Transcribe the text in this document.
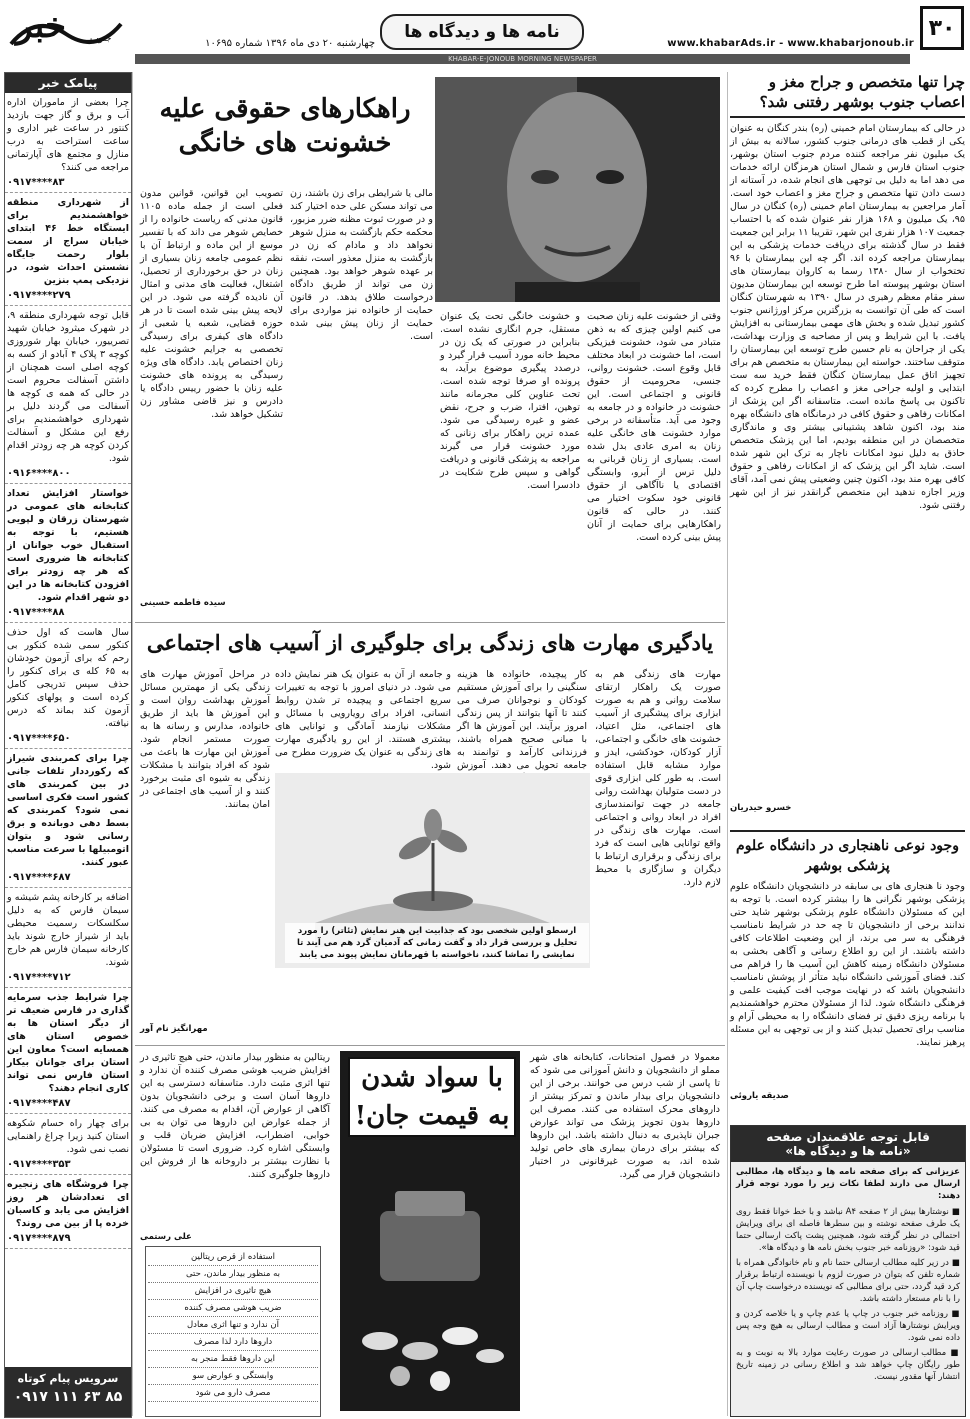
۳۰
www.khabarAds.ir - www.khabarjonoub.ir
نامه ها و دیدگاه ها
چهارشنبه ۲۰ دی ماه ۱۳۹۶ شماره ۱۰۶۹۵
خبر	جنوب
KHABAR-E-JONOUB MORNING NEWSPAPER
پیامک خبر
چرا بعضی از ماموران اداره آب و برق و گاز جهت بازدید کنتور در ساعت غیر اداری و ساعت استراحت به درب منازل و مجتمع های آپارتمانی مراجعه می کنند؟
۰۹۱۷****۸۳
از شهرداری منطقه خواهشمندیم برای ایستگاه خط ۴۶ ابتدای خیابان سراج از سمت بلوار رحمت جایگاه نشستن احداث شود، در نزدیکی پمپ بنزین
۰۹۱۷****۲۷۹
قابل توجه شهرداری منطقه ۹، در شهرک میثرود خیابان شهید تصرییور، خیابان بهار شوروزی کوچه ۳ پلاک ۴ آبادو از کسه به کوچه اصلی است همچنان از داشتن آسفالت محروم است در حالی که همه ی کوچه ها آسفالت می گردند دلیل بر شهرداری خواهشمندیم برای رفع این مشکل و آسفالت کردن کوچه هر چه زودتر اقدام شود.
۰۹۱۶****۸۰۰
خواستار افزایش تعداد کتابخانه های عمومی در شهرستان زرقان و لپویی هستیم، با توجه به استقبال خوب جوانان از کتابخانه ها ضروری است که هر چه زودتر برای افزودن کتابخانه ها در این دو شهر اقدام شود.
۰۹۱۷****۸۸
سال هاست که اول حذف کنکور سمی شده کنکور بی رحم که برای آزمون خودشان به ۶۵ کله ی برای کنکور را حذف سپس تدریجی کامل کرده است و پولهای کنکور آزمون کند بماند که درس نیافته.
۰۹۱۷****۶۵۰
چرا برای کمربندی شیراز که رکورددار تلفات جانی در بین کمربندی های کشور است فکری اساسی نمی شود؟ کمربندی که بسط دهی دوبانده و برق رسانی شود و بتوان اتومبیلها با سرعت مناسب عبور کنند.
۰۹۱۷****۶۸۷
اضافه بر کارخانه پشم شیشه و سیمان فارس که به دلیل سکلسکات رسمیت محیطی باید از شیراز خارج شوند باید کارخانه سیمان فارس هم خارج شوند.
۰۹۱۷****۷۱۲
چرا شرایط جذب سرمایه گذاری در فارس ضعیف تر از دیگر استان ها به خصوص استان های همسایه است؟ معاون این استان برای جوانان بیکار استان فارس نمی تواند کاری انجام دهند؟
۰۹۱۷****۴۸۷
برای چهار راه حسام شکوهه استان کنید زیرا چراغ راهنمایی نصب نمی شود.
۰۹۱۷****۳۵۳
چرا فروشگاه های زنجیره ای تعدادشان هر روز افزایش می یابد و کاسبان خرده پا از بین می روند؟
۰۹۱۷****۸۷۹
سرویس پیام کوتاه
۰۹۱۷ ۱۱۱ ۶۳ ۸۵
چرا تنها متخصص و جراح مغز و اعصاب جنوب بوشهر رفتنی شد؟
در حالی که بیمارستان امام خمینی (ره) بندر کنگان به عنوان یکی از قطب های درمانی جنوب کشور، سالانه به بیش از یک میلیون نفر مراجعه کننده مردم جنوب استان بوشهر، جنوب استان فارس و شمال استان هرمزگان ارائه خدمات می دهد اما به دلیل بی توجهی های انجام شده، در آستانه از دست دادن تنها متخصص و جراح مغز و اعصاب خود است. آمار مراجعین به بیمارستان امام خمینی (ره) کنگان در سال ۹۵، یک میلیون و ۱۶۸ هزار نفر عنوان شده که با احتساب جمعیت ۱۰۷ هزار نفری این شهر، تقریبا ۱۱ برابر این جمعیت فقط در سال گذشته برای دریافت خدمات پزشکی به این بیمارستان مراجعه کرده اند. اگر چه این بیمارستان با ۹۶ تختخواب از سال ۱۳۸۰ رسما به کاروان بیمارستان های استان بوشهر پیوسته اما طرح توسعه این بیمارستان مدیون سفر مقام معظم رهبری در سال ۱۳۹۰ به شهرستان کنگان است که طی آن توانست به بزرگترین مرکز اورژانس جنوب کشور تبدیل شده و بخش های مهمی بیمارستانی به افزایش یافت. با این شرایط و پس از مصاحبه ی وزارت بهداشت، یکی از جراحان به نام حسین طرح توسعه این بیمارستان را متوقف ساختند. خواسته این بیمارستان به متخصص هم برای تجهیز اتاق عمل بیمارستان کنگان فقط خرید سه ست ابتدایی و اولیه جراحی مغز و اعصاب را مطرح کرده که تاکنون بی پاسخ مانده است. متاسفانه اگر این پزشک از امکانات رفاهی و حقوق کافی در درمانگاه های دانشگاه بهره مند بود، اکنون شاهد پشتیبانی بیشتر وی و ماندگاری متخصصان در این منطقه بودیم، اما این پزشک متخصص حاذق به دلیل نبود امکانات ناچار به ترک این شهر شده است. شاید اگر این پزشک که از امکانات رفاهی و حقوق کافی بهره مند بود، اکنون چنین وضعیتی پیش نمی آمد، آقای وزیر اجازه ندهید این متخصص گرانقدر نیز از این شهر رفتنی شود.
خسرو حیدریان
وجود نوعی ناهنجاری در دانشگاه علوم پزشکی بوشهر
وجود نا هنجاری های بی سابقه در دانشجویان دانشگاه علوم پزشکی بوشهر نگرانی ها را بیشتر کرده است. با توجه به این که مسئولان دانشگاه علوم پزشکی بوشهر شاید حتی ندانند برخی از دانشجویان تا چه حد در شرایط نامناسب فرهنگی به سر می برند، از این وضعیت اطلاعات کافی داشته باشند. از این رو اطلاع رسانی و آگاهی بخشی به مسئولان دانشگاه زمینه کاهش این آسیب ها را فراهم می کند. فضای آموزشی دانشگاه نباید متأثر از پوشش نامناسب دانشجویان باشد که در نهایت موجب افت کیفیت علمی و فرهنگی دانشگاه شود. لذا از مسئولان محترم خواهشمندیم با برنامه ریزی دقیق تر فضای دانشگاه را به محیطی آرام و مناسب برای تحصیل تبدیل کنند و از بی توجهی به این مسئله پرهیز نمایند.
صدیقه یاروئی
قابل توجه علاقمندان صفحه
«نامه ها و دیدگاه ها»
عزیزانی که برای صفحه نامه ها و دیدگاه ها، مطالبی ارسال می دارند لطفا نکات زیر را مورد توجه قرار دهند:
■ نوشتارها بیش از ۲ صفحه A۴ نباشد و با خط خوانا فقط روی یک طرف صفحه نوشته و بین سطرها فاصله ای برای ویرایش احتمالی در نظر گرفته شود، همچنین پشت پاکت ارسالی حتما قید شود: «روزنامه خبر جنوب بخش نامه ها و دیدگاه ها».
■ در زیر کلیه مطالب ارسالی حتما نام و نام خانوادگی همراه با شماره تلفن که بتوان در صورت لزوم با نویسنده ارتباط برقرار کرد قید گردد، حتی برای مطالبی که نویسنده درخواست چاپ آن را با نام مستعار داشته باشد.
■ روزنامه خبر جنوب در چاپ یا عدم چاپ و یا خلاصه کردن و ویرایش نوشتارها آزاد است و مطالب ارسالی به هیچ وجه پس داده نمی شود.
■ مطالب ارسالی در صورت رعایت موارد بالا به نوبت و به طور رایگان چاپ خواهد شد و اطلاع رسانی در زمینه تاریخ انتشار آنها مقدور نیست.
راهکارهای حقوقی علیه
خشونت های خانگی
وقتی از خشونت علیه زنان صحبت می کنیم اولین چیزی که به ذهن متبادر می شود، خشونت فیزیکی است، اما خشونت در ابعاد مختلف قابل وقوع است. خشونت روانی، جنسی، محرومیت از حقوق قانونی و اجتماعی است. این خشونت در خانواده و در جامعه به وجود می آید. متأسفانه در برخی موارد خشونت های خانگی علیه زنان به امری عادی بدل شده است. بسیاری از زنان قربانی به دلیل ترس از آبرو، وابستگی اقتصادی یا ناآگاهی از حقوق قانونی خود سکوت اختیار می کنند. در حالی که قانون راهکارهایی برای حمایت از آنان پیش بینی کرده است.
و خشونت خانگی تحت یک عنوان مستقل، جرم انگاری نشده است. بنابراین در صورتی که یک زن در محیط خانه مورد آسیب قرار گیرد و درصدد پیگیری موضوع برآید، به پرونده او صرفا توجه شده است. تحت عناوین کلی مجرمانه مانند توهین، افترا، ضرب و جرح، نقض عضو و غیره رسیدگی می شود. عمده ترین راهکار برای زنانی که مورد خشونت قرار می گیرند مراجعه به پزشکی قانونی و دریافت گواهی و سپس طرح شکایت در دادسرا است.
مالی یا شرایطی برای زن باشند، زن می تواند مسکن علی حده اختیار کند و در صورت ثبوت مظنه ضرر مزبور، محکمه حکم بازگشت به منزل شوهر نخواهد داد و مادام که زن در بازگشت به منزل معذور است، نفقه بر عهده شوهر خواهد بود. همچنین زن می تواند از طریق دادگاه درخواست طلاق بدهد. در قانون حمایت از خانواده نیز مواردی برای حمایت از زنان پیش بینی شده است.
تصویب این قوانین، قوانین مدون فعلی است از جمله ماده ۱۱۰۵ قانون مدنی که ریاست خانواده را از خصایص شوهر می داند که با تفسیر موسع از این ماده و ارتباط آن با نظم عمومی جامعه زنان بسیاری از زنان در حق برخورداری از تحصیل، اشتغال، فعالیت های مدنی و امثال آن نادیده گرفته می شود. در این لایحه پیش بینی شده است تا در هر حوزه قضایی، شعبه یا شعبی از دادگاه های کیفری برای رسیدگی تخصصی به جرایم خشونت علیه زنان اختصاص یابد. دادگاه های ویژه رسیدگی به پرونده های خشونت علیه زنان با حضور رییس دادگاه یا دادرس و نیز قاضی مشاور زن تشکیل خواهد شد.
سیده فاطمه حسینی
یادگیری مهارت های زندگی برای جلوگیری از آسیب های اجتماعی
مهارت های زندگی هم به صورت یک راهکار ارتقای سلامت روانی و هم به صورت ابزاری برای پیشگیری از آسیب های اجتماعی، مثل اعتیاد، خشونت های خانگی و اجتماعی، آزار کودکان، خودکشی، ایدز و موارد مشابه قابل استفاده است. به طور کلی ابزاری قوی در دست متولیان بهداشت روانی جامعه در جهت توانمندسازی افراد در ابعاد روانی و اجتماعی است. مهارت های زندگی در واقع توانایی هایی است که فرد برای زندگی و برقراری ارتباط با دیگران و سازگاری با محیط لازم دارد.
کار پیچیده، خانواده ها هزینه سنگینی را برای آموزش مستقیم کودکان و نوجوانان صرف می کنند تا آنها بتوانند از پس زندگی امروز برآیند. این آموزش ها اگر با مبانی صحیح همراه باشند، فرزندانی کارآمد و توانمند به جامعه تحویل می دهند. آموزش
در مراحل آموزش مهارت های زندگی یکی از مهمترین مسائل آموزش بهداشت روان است و این آموزش ها باید از طریق خانواده، مدارس و رسانه ها به صورت مستمر انجام شود. آموزش این مهارت ها باعث می شود که افراد بتوانند با مشکلات زندگی به شیوه ای مثبت برخورد کنند و از آسیب های اجتماعی در امان بمانند.
و جامعه از آن به عنوان یک هنر نمایش داده می شود. در دنیای امروز با توجه به تغییرات سریع اجتماعی و پیچیده تر شدن روابط انسانی، افراد برای رویارویی با مسائل و مشکلات نیازمند آمادگی و توانایی های بیشتری هستند. از این رو یادگیری مهارت های زندگی به عنوان یک ضرورت مطرح می شود.
ارسطو اولین شخصی بود که جذابیت این هنر نمایش (تئاتر) را مورد تحلیل و بررسی قرار داد و گفت زمانی که آدمیان گرد هم می آیند تا نمایشی را تماشا کنند، ناخواسته با قهرمانان نمایش پیوند می یابند
مهرانگیز نام آور
معمولا در فصول امتحانات، کتابخانه های شهر مملو از دانشجویان و دانش آموزانی می شود که تا پاسی از شب درس می خوانند. برخی از این دانشجویان برای بیدار ماندن و تمرکز بیشتر از داروهای محرک استفاده می کنند. مصرف این داروها بدون تجویز پزشک می تواند عوارض جبران ناپذیری به دنبال داشته باشد. این داروها که بیشتر برای درمان بیماری های خاص تولید شده اند، به صورت غیرقانونی در اختیار دانشجویان قرار می گیرد.
ریتالین به منظور بیدار ماندن، حتی هیچ تاثیری در افزایش ضریب هوشی مصرف کننده آن ندارد و تنها اثری مثبت دارد. متاسفانه دسترسی به این داروها آسان است و برخی دانشجویان بدون آگاهی از عوارض آن، اقدام به مصرف می کنند. از جمله عوارض این داروها می توان به بی خوابی، اضطراب، افزایش ضربان قلب و وابستگی اشاره کرد. ضروری است تا مسئولان با نظارت بیشتر بر داروخانه ها از فروش این داروها جلوگیری کنند.
با سواد شدن
به قیمت جان!
استفاده از قرص ریتالین
به منظور بیدار ماندن، حتی
هیچ تاثیری در افزایش
ضریب هوشی مصرف کننده
آن ندارد و تنها اثری معادل
داروها دارد لذا مصرف
این داروها فقط منجر به
وابستگی و عوارض سو
مصرف دارو می شود
علی رستمی
